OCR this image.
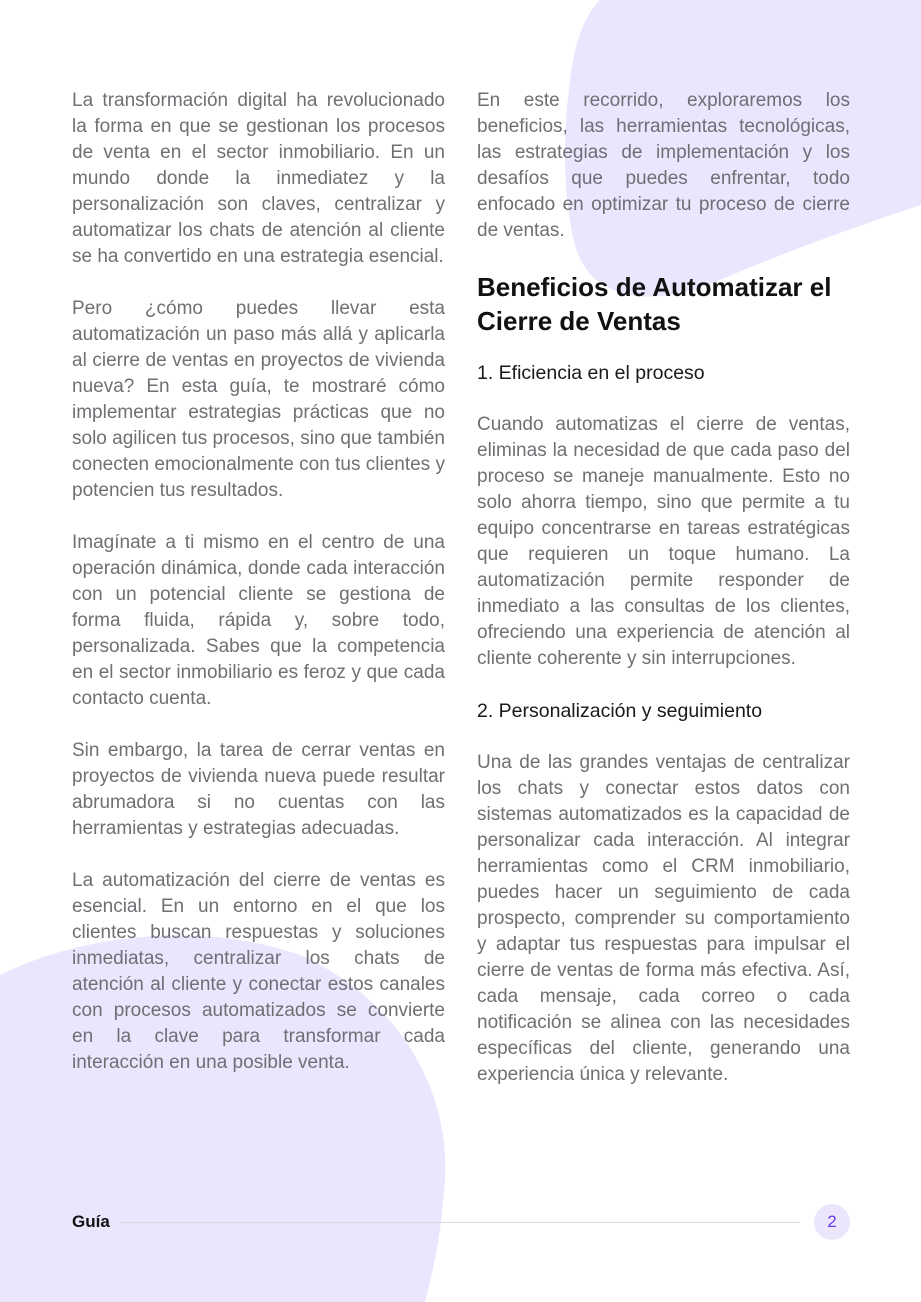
La transformación digital ha revolucionado la forma en que se gestionan los procesos de venta en el sector inmobiliario. En un mundo donde la inmediatez y la personalización son claves, centralizar y automatizar los chats de atención al cliente se ha convertido en una estrategia esencial.

Pero ¿cómo puedes llevar esta automatización un paso más allá y aplicarla al cierre de ventas en proyectos de vivienda nueva? En esta guía, te mostraré cómo implementar estrategias prácticas que no solo agilicen tus procesos, sino que también conecten emocionalmente con tus clientes y potencien tus resultados.

Imagínate a ti mismo en el centro de una operación dinámica, donde cada interacción con un potencial cliente se gestiona de forma fluida, rápida y, sobre todo, personalizada. Sabes que la competencia en el sector inmobiliario es feroz y que cada contacto cuenta.

Sin embargo, la tarea de cerrar ventas en proyectos de vivienda nueva puede resultar abrumadora si no cuentas con las herramientas y estrategias adecuadas.

La automatización del cierre de ventas es esencial. En un entorno en el que los clientes buscan respuestas y soluciones inmediatas, centralizar los chats de atención al cliente y conectar estos canales con procesos automatizados se convierte en la clave para transformar cada interacción en una posible venta.

En este recorrido, exploraremos los beneficios, las herramientas tecnológicas, las estrategias de implementación y los desafíos que puedes enfrentar, todo enfocado en optimizar tu proceso de cierre de ventas.

Beneficios de Automatizar el Cierre de Ventas
1. Eficiencia en el proceso

Cuando automatizas el cierre de ventas, eliminas la necesidad de que cada paso del proceso se maneje manualmente. Esto no solo ahorra tiempo, sino que permite a tu equipo concentrarse en tareas estratégicas que requieren un toque humano. La automatización permite responder de inmediato a las consultas de los clientes, ofreciendo una experiencia de atención al cliente coherente y sin interrupciones.

2. Personalización y seguimiento

Una de las grandes ventajas de centralizar los chats y conectar estos datos con sistemas automatizados es la capacidad de personalizar cada interacción. Al integrar herramientas como el CRM inmobiliario, puedes hacer un seguimiento de cada prospecto, comprender su comportamiento y adaptar tus respuestas para impulsar el cierre de ventas de forma más efectiva. Así, cada mensaje, cada correo o cada notificación se alinea con las necesidades específicas del cliente, generando una experiencia única y relevante.

Guía	2
